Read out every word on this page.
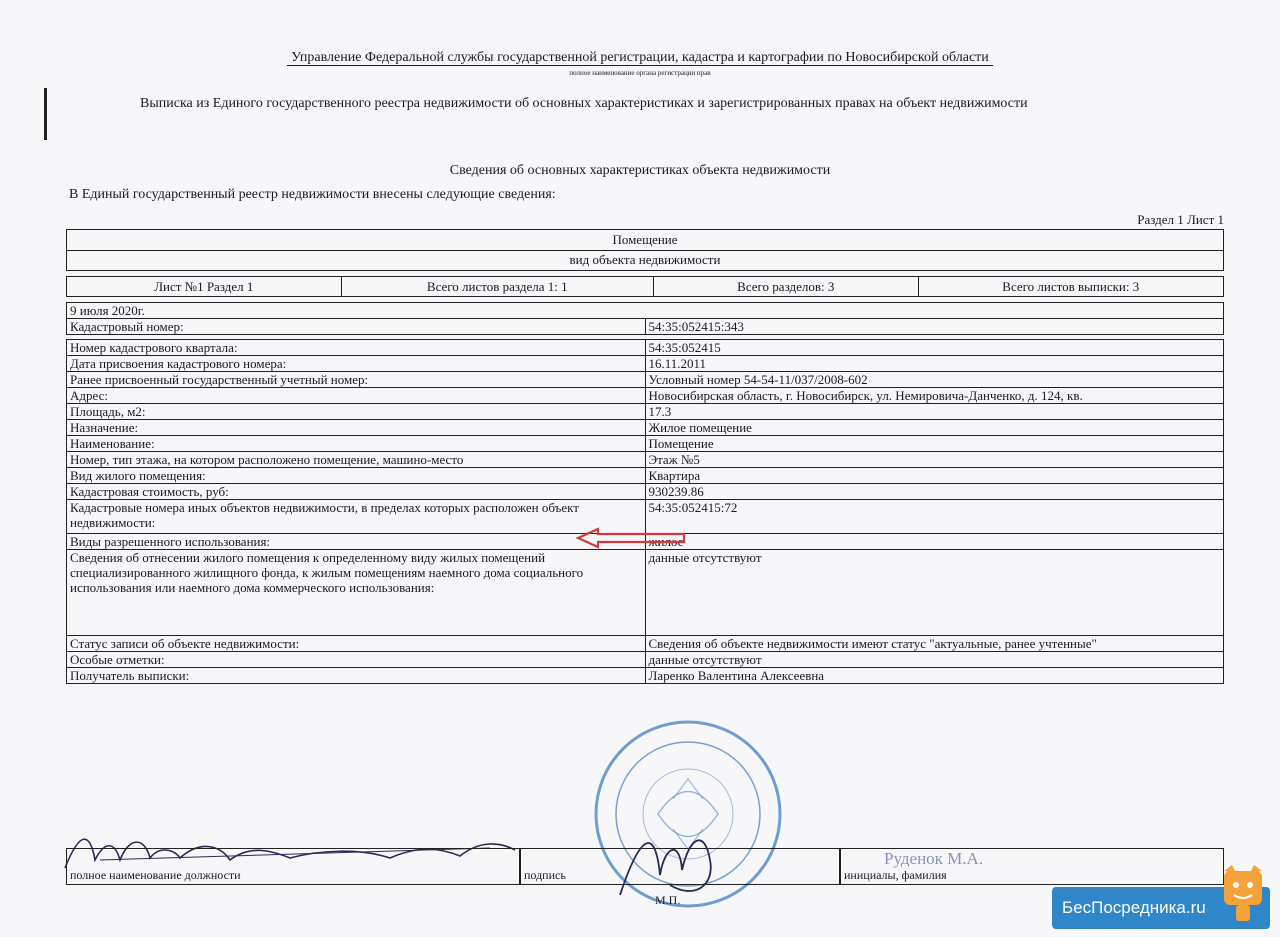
Управление Федеральной службы государственной регистрации, кадастра и картографии по Новосибирской области
полное наименование органа регистрации прав
Выписка из Единого государственного реестра недвижимости об основных характеристиках и зарегистрированных правах на объект недвижимости
Сведения об основных характеристиках объекта недвижимости
В Единый государственный реестр недвижимости внесены следующие сведения:
Раздел 1 Лист 1
Помещение
вид объекта недвижимости
Лист №1 Раздел 1	Всего листов раздела 1: 1	Всего разделов: 3	Всего листов выписки: 3
9 июля 2020г.	
Кадастровый номер:	54:35:052415:343

Номер кадастрового квартала:	54:35:052415
Дата присвоения кадастрового номера:	16.11.2011
Ранее присвоенный государственный учетный номер:	Условный номер 54-54-11/037/2008-602
Адрес:	Новосибирская область, г. Новосибирск, ул. Немировича-Данченко, д. 124, кв.
Площадь, м2:	17.3
Назначение:	Жилое помещение
Наименование:	Помещение
Номер, тип этажа, на котором расположено помещение, машино-место	Этаж №5
Вид жилого помещения:	Квартира
Кадастровая стоимость, руб:	930239.86
Кадастровые номера иных объектов недвижимости, в пределах которых расположен объект недвижимости:	54:35:052415:72
Виды разрешенного использования:	жилое
Сведения об отнесении жилого помещения к определенному виду жилых помещений специализированного жилищного фонда, к жилым помещениям наемного дома социального использования или наемного дома коммерческого использования:	данные отсутствуют
Статус записи об объекте недвижимости:	Сведения об объекте недвижимости имеют статус "актуальные, ранее учтенные"
Особые отметки:	данные отсутствуют
Получатель выписки:	Ларенко Валентина Алексеевна
полное наименование должности	подпись	инициалы, фамилия
Руденок М.А.
М.П.	БесПосредника.ru
